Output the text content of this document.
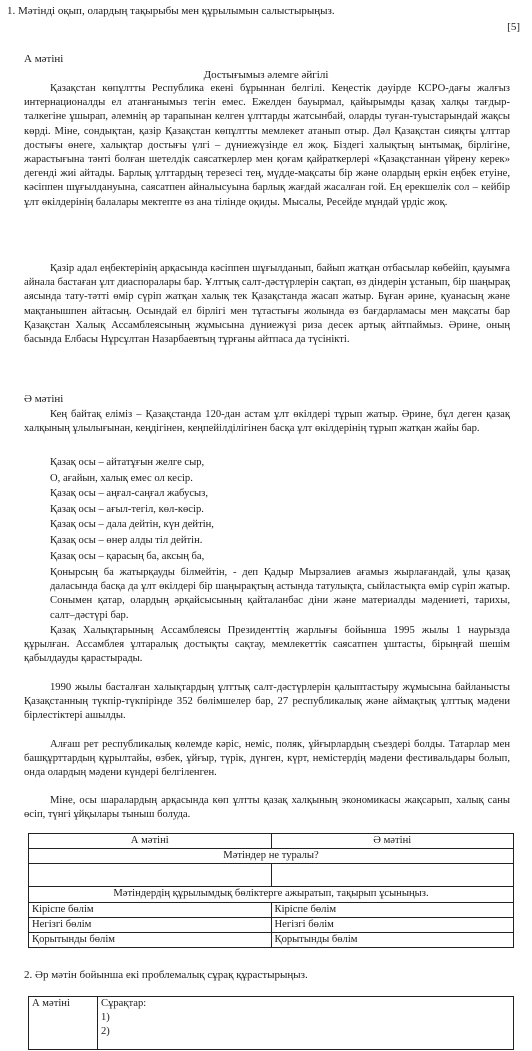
1. Мәтінді оқып, олардың тақырыбы мен құрылымын салыстырыңыз.
[5]
А мәтіні
Достығымыз әлемге әйгілі

Қазақстан көпұлтты Республика екені бұрыннан белгілі. Кеңестік дәуірде КСРО-дағы жалғыз интернационалды ел атанғанымыз тегін емес. Ежелден бауырмал, қайырымды қазақ халқы тағдыр-талкегіне ұшырап, әлемнің әр тарапынан келген ұлттарды жатсынбай, оларды туған-туыстарындай жақсы көрді. Міне, сондықтан, қазір Қазақстан көпұлтты мемлекет атанып отыр. Дәл Қазақстан сияқты ұлттар достығы өнеге, халықтар достығы үлгі – дүниежүзінде ел жоқ. Біздегі халықтың ынтымақ, бірлігіне, жарастығына тәнті болған шетелдік саясаткерлер мен қоғам қайраткерлері «Қазақстаннан үйрену керек» дегенді жиі айтады. Барлық ұлттардың терезесі тең, мүдде-мақсаты бір және олардың еркін еңбек етуіне, кәсіппен шұғылдануына, саясатпен айналысуына барлық жағдай жасалған гой. Ең ерекшелік сол – кейбір ұлт өкілдерінің балалары мектепте өз ана тілінде оқиды. Мысалы, Ресейде мұндай үрдіс жоқ.

Қазір адал еңбектерінің арқасында кәсіппен шұғылданып, байып жатқан отбасылар көбейіп, қауымға айнала бастаған ұлт диаспоралары бар. Ұлттық салт-дәстүрлерін сақтап, өз діндерін ұстанып, бір шаңырақ аясында тату-тәтті өмір сүріп жатқан халық тек Қазақстанда жасап жатыр. Бұған әрине, қуанасың және мақтанышпен айтасың. Осындай ел бірлігі мен тұтастығы жолында өз бағдарламасы мен мақсаты бар Қазақстан Халық Ассамблеясының жұмысына дүниежүзі риза десек артық айтпаймыз. Әрине, оның басында Елбасы Нұрсұлтан Назарбаевтың тұрғаны айтпаса да түсінікті.

Ә мәтіні

Кең байтақ еліміз – Қазақстанда 120-дан астам ұлт өкілдері тұрып жатыр. Әрине, бұл деген қазақ халқының ұлылығынан, кеңдігінен, кеңпейілділігінен басқа ұлт өкілдерінің тұрып жатқан жайы бар.

Қазақ осы – айтатұғын желге сыр,
О, ағайын, халық емес ол кесір.
Қазақ осы – аңғал-саңғал жабусыз,
Қазақ осы – ағыл-тегіл, көл-көсір.
Қазақ осы – дала дейтін, күн дейтін,
Қазақ осы – өнер алды тіл дейтін.
Қазақ осы – қарасың ба, аксың ба,

Қонырсың ба жатырқауды білмейтін, - деп Қадыр Мырзалиев ағамыз жырлағандай, ұлы қазақ даласында басқа да ұлт өкілдері бір шаңырақтың астында татулықта, сыйластықта өмір сүріп жатыр. Сонымен қатар, олардың әрқайсысының қайталанбас діни және материалды мәдениеті, тарихы, салт–дәстүрі бар.

Қазақ Халықтарының Ассамблеясы Президенттің жарлығы бойынша 1995 жылы 1 наурызда құрылған. Ассамблея ұлтаралық достықты сақтау, мемлекеттік саясатпен ұштасты, бірыңғай шешім қабылдауды қарастырады.

1990 жылы басталған халықтардың ұлттық салт-дәстүрлерін қалыптастыру жұмысына байланысты Қазақстанның түкпір-түкпірінде 352 бөлімшелер бар, 27 республикалық және аймақтық ұлттық мәдени бірлестіктері ашылды.

Алғаш рет республикалық көлемде кәріс, неміс, поляк, ұйғырлардың съездері болды. Татарлар мен башқұрттардың құрылтайы, өзбек, ұйғыр, түрік, дүнген, күрт, немістердің мәдени фестивальдары болып, онда олардың мәдени күндері белгіленген.

Міне, осы шаралардың арқасында көп ұлтты қазақ халқының экономикасы жақсарып, халық саны өсіп, түнгі ұйқылары тыныш болуда.

А мәтіні	Ә мәтіні
Мәтіндер не туралы?	

Мәтіндердің құрылымдық бөліктерге ажыратып, тақырып ұсыныңыз.	
Кіріспе бөлім	Кіріспе бөлім
Негізгі бөлім	Негізгі бөлім
Қорытынды бөлім	Қорытынды бөлім
2. Әр мәтін бойынша екі проблемалық сұрақ құрастырыңыз.
А мәтіні	Сұрақтар:
1)
2)
